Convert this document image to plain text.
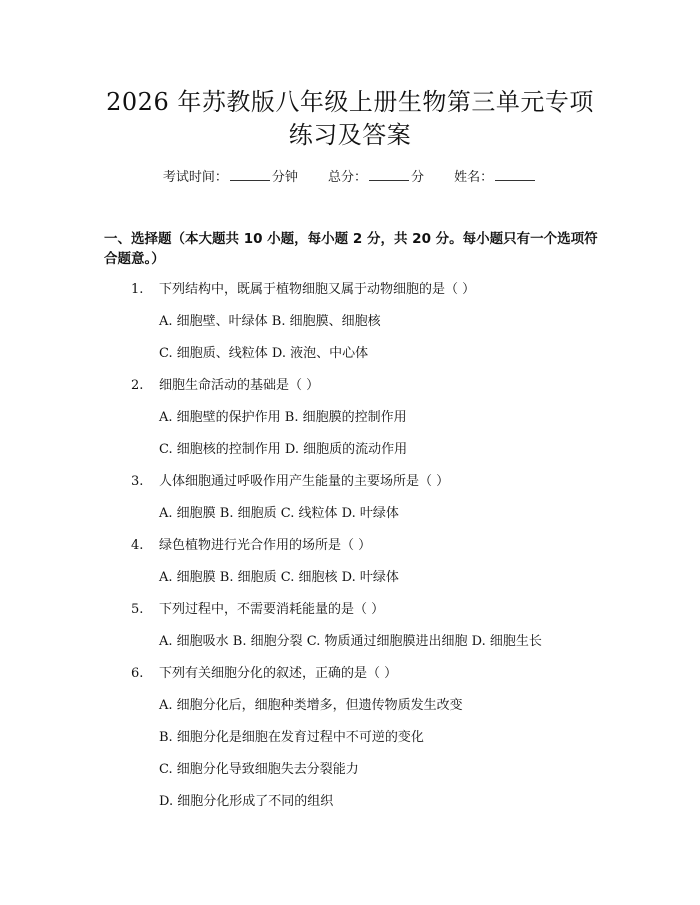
2026 年苏教版八年级上册生物第三单元专项
练习及答案
考试时间：	分钟 总分：	分 姓名：
一、选择题（本大题共 10 小题，每小题 2 分，共 20 分。每小题只有一个选项符合题意。）
1. 下列结构中，既属于植物细胞又属于动物细胞的是（ ）
A. 细胞壁、叶绿体 B. 细胞膜、细胞核
C. 细胞质、线粒体 D. 液泡、中心体
2. 细胞生命活动的基础是（ ）
A. 细胞壁的保护作用 B. 细胞膜的控制作用
C. 细胞核的控制作用 D. 细胞质的流动作用
3. 人体细胞通过呼吸作用产生能量的主要场所是（ ）
A. 细胞膜 B. 细胞质 C. 线粒体 D. 叶绿体
4. 绿色植物进行光合作用的场所是（ ）
A. 细胞膜 B. 细胞质 C. 细胞核 D. 叶绿体
5. 下列过程中，不需要消耗能量的是（ ）
A. 细胞吸水 B. 细胞分裂 C. 物质通过细胞膜进出细胞 D. 细胞生长
6. 下列有关细胞分化的叙述，正确的是（ ）
A. 细胞分化后，细胞种类增多，但遗传物质发生改变
B. 细胞分化是细胞在发育过程中不可逆的变化
C. 细胞分化导致细胞失去分裂能力
D. 细胞分化形成了不同的组织
